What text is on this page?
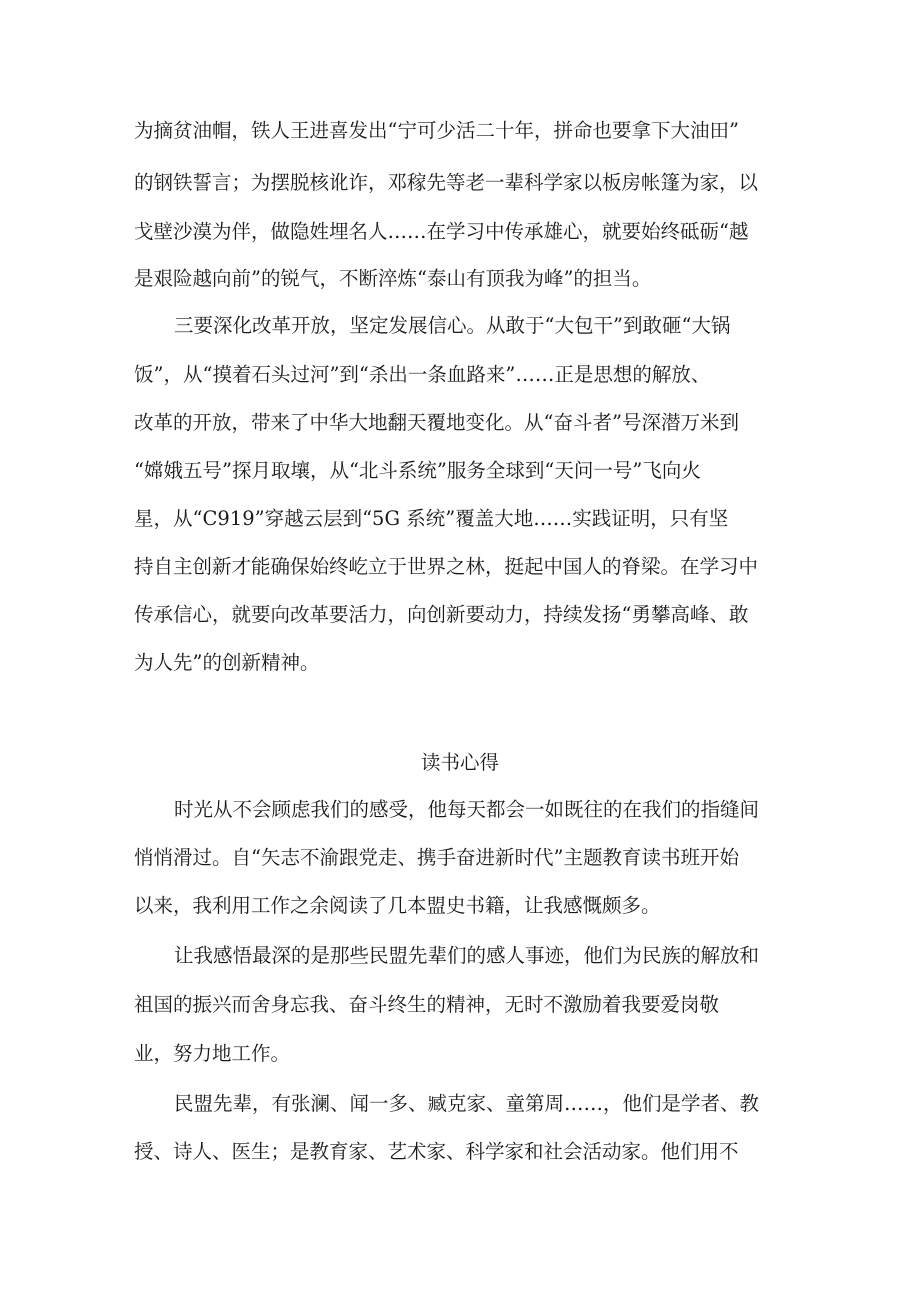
为摘贫油帽，铁人王进喜发出“宁可少活二十年，拼命也要拿下大油田”
的钢铁誓言；为摆脱核讹诈，邓稼先等老一辈科学家以板房帐篷为家，以
戈壁沙漠为伴，做隐姓埋名人……在学习中传承雄心，就要始终砥砺“越
是艰险越向前”的锐气，不断淬炼“泰山有顶我为峰”的担当。
三要深化改革开放，坚定发展信心。从敢于“大包干”到敢砸“大锅
饭”，从“摸着石头过河”到“杀出一条血路来”……正是思想的解放、
改革的开放，带来了中华大地翻天覆地变化。从“奋斗者”号深潜万米到
“嫦娥五号”探月取壤，从“北斗系统”服务全球到“天问一号”飞向火
星，从“C919”穿越云层到“5G 系统”覆盖大地……实践证明，只有坚
持自主创新才能确保始终屹立于世界之林，挺起中国人的脊梁。在学习中
传承信心，就要向改革要活力，向创新要动力，持续发扬“勇攀高峰、敢
为人先”的创新精神。
读书心得
时光从不会顾虑我们的感受，他每天都会一如既往的在我们的指缝间
悄悄滑过。自“矢志不渝跟党走、携手奋进新时代”主题教育读书班开始
以来，我利用工作之余阅读了几本盟史书籍，让我感慨颇多。
让我感悟最深的是那些民盟先辈们的感人事迹，他们为民族的解放和
祖国的振兴而舍身忘我、奋斗终生的精神，无时不激励着我要爱岗敬
业，努力地工作。
民盟先辈，有张澜、闻一多、臧克家、童第周……，他们是学者、教
授、诗人、医生；是教育家、艺术家、科学家和社会活动家。他们用不
